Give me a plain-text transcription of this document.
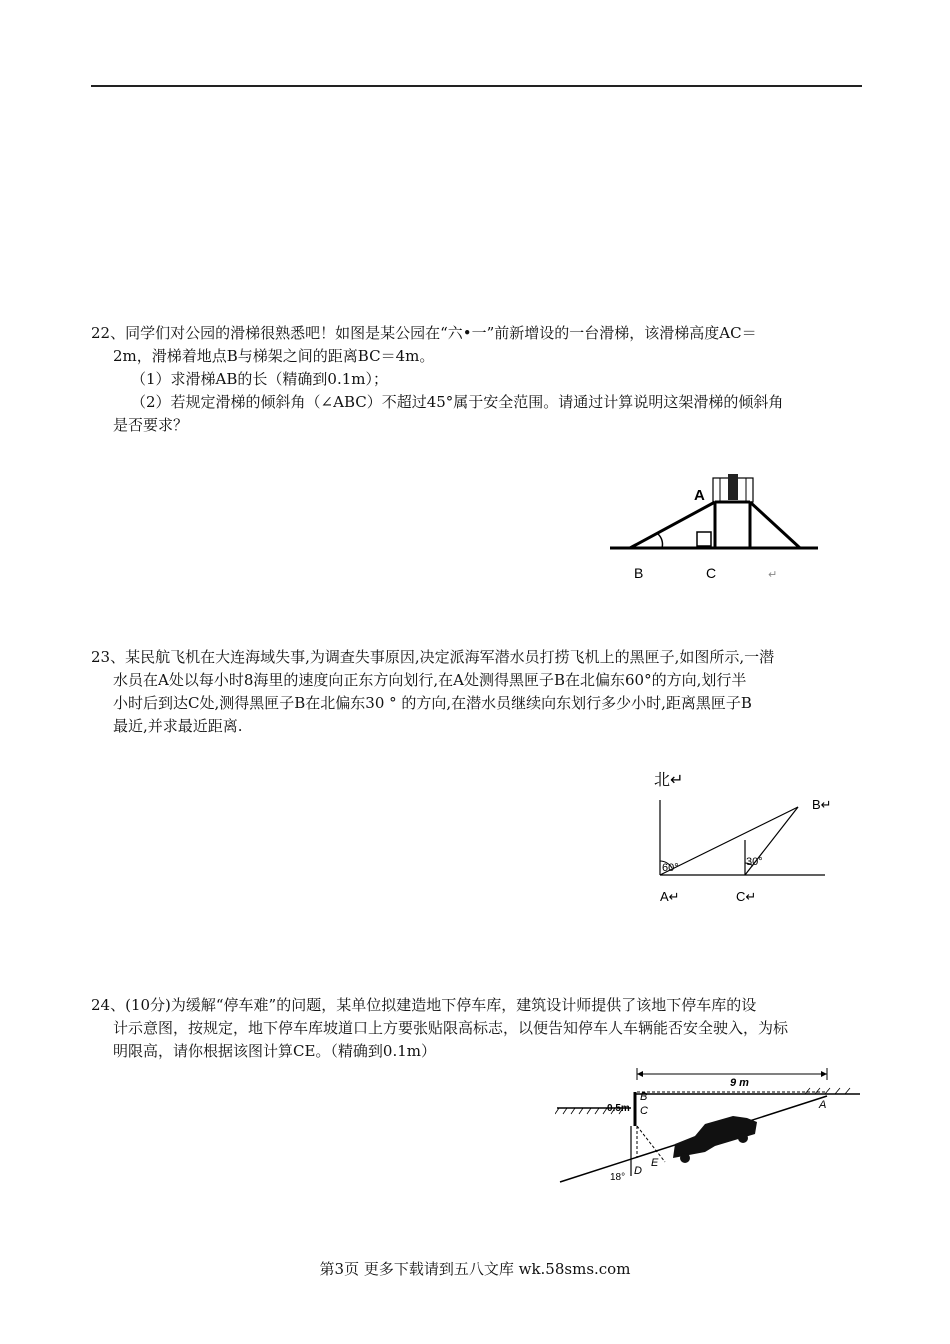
22、同学们对公园的滑梯很熟悉吧！如图是某公园在“六•一”前新增设的一台滑梯，该滑梯高度AC＝

2m，滑梯着地点B与梯架之间的距离BC＝4m。

（1）求滑梯AB的长（精确到0.1m）；

（2）若规定滑梯的倾斜角（∠ABC）不超过45°属于安全范围。请通过计算说明这架滑梯的倾斜角

是否要求？

A
B	C	↵

23、某民航飞机在大连海域失事,为调查失事原因,决定派海军潜水员打捞飞机上的黑匣子,如图所示,一潜

水员在A处以每小时8海里的速度向正东方向划行,在A处测得黑匣子B在北偏东60°的方向,划行半

小时后到达C处,测得黑匣子B在北偏东30 ° 的方向,在潜水员继续向东划行多少小时,距离黑匣子B

最近,并求最近距离.

北↵
B↵
60°	30°
A↵	C↵

24、(10分)为缓解“停车难”的问题，某单位拟建造地下停车库，建筑设计师提供了该地下停车库的设

计示意图，按规定，地下停车库坡道口上方要张贴限高标志，以便告知停车人车辆能否安全驶入，为标

明限高，请你根据该图计算CE。（精确到0.1m）

9 m
0.5m
B
C	A
D
E
18°
第3页 更多下载请到五八文库 wk.58sms.com
